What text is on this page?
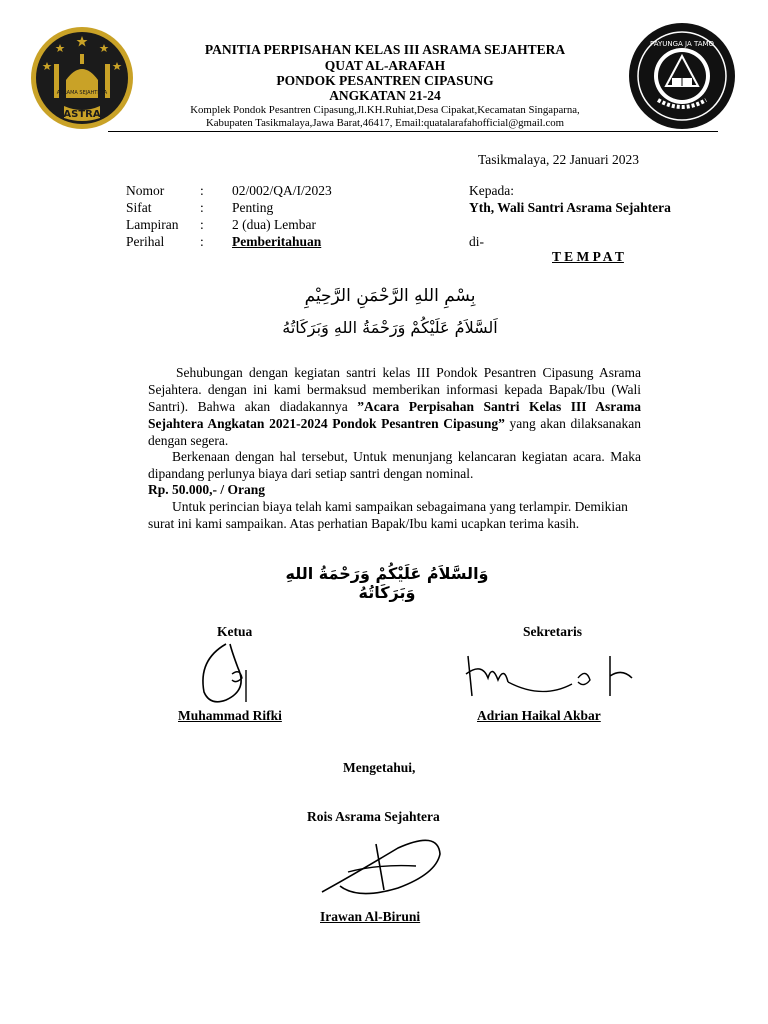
ASTRA
ASRAMA SEJAHTERA
PAYUNGA JA TAMO
PANITIA PERPISAHAN KELAS III ASRAMA SEJAHTERA
QUAT AL-ARAFAH
PONDOK PESANTREN CIPASUNG
ANGKATAN 21-24
Komplek Pondok Pesantren Cipasung,Jl.KH.Ruhiat,Desa Cipakat,Kecamatan Singaparna,
Kabupaten Tasikmalaya,Jawa Barat,46417, Email:quatalarafahofficial@gmail.com
Tasikmalaya, 22 Januari 2023
Nomor	: 02/002/QA/I/2023
Sifat	: Penting
Lampiran : 2 (dua) Lembar
Perihal	: Pemberitahuan
Kepada:
Yth, Wali Santri Asrama Sejahtera
di-
T E M P A T
بِسْمِ اللهِ الرَّحْمَنِ الرَّحِيْمِ
اَلسَّلاَمُ عَلَيْكُمْ وَرَحْمَةُ اللهِ وَبَرَكَاتُهُ
Sehubungan dengan kegiatan santri kelas III Pondok Pesantren Cipasung Asrama Sejahtera. dengan ini kami bermaksud memberikan informasi kepada Bapak/Ibu (Wali Santri). Bahwa akan diadakannya ”Acara Perpisahan Santri Kelas III Asrama Sejahtera Angkatan 2021-2024 Pondok Pesantren Cipasung” yang akan dilaksanakan dengan segera.
Berkenaan dengan hal tersebut, Untuk menunjang kelancaran kegiatan acara. Maka dipandang perlunya biaya dari setiap santri dengan nominal.
Rp. 50.000,- / Orang
Untuk perincian biaya telah kami sampaikan sebagaimana yang terlampir. Demikian surat ini kami sampaikan. Atas perhatian Bapak/Ibu kami ucapkan terima kasih.
وَالسَّلاَمُ عَلَيْكُمْ وَرَحْمَةُ اللهِ وَبَرَكَاتُهُ
Ketua
Muhammad Rifki
Sekretaris
Adrian Haikal Akbar
Mengetahui,
Rois Asrama Sejahtera
Irawan Al-Biruni
